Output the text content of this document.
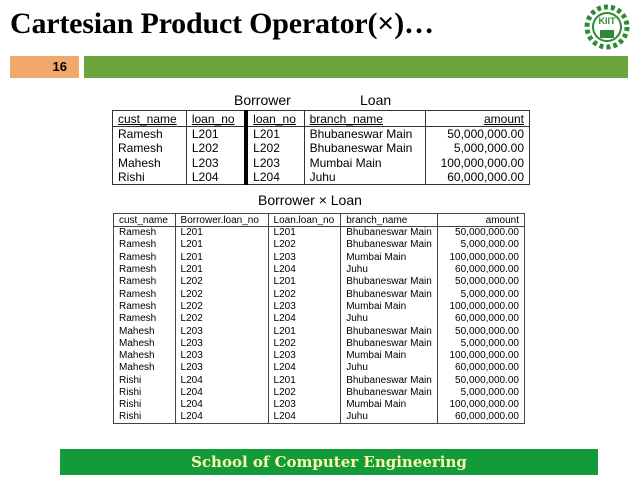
Cartesian Product Operator(×)…	KIIT
16
Borrower	Loan
cust_name	loan_no	loan_no	branch_name	amount
Ramesh	L201	L201	Bhubaneswar Main	50,000,000.00
Ramesh	L202	L202	Bhubaneswar Main	5,000,000.00
Mahesh	L203	L203	Mumbai Main	100,000,000.00
Rishi	L204	L204	Juhu	60,000,000.00
Borrower × Loan
cust_name	Borrower.loan_no	Loan.loan_no	branch_name	amount
Ramesh	L201	L201	Bhubaneswar Main	50,000,000.00
Ramesh	L201	L202	Bhubaneswar Main	5,000,000.00
Ramesh	L201	L203	Mumbai Main	100,000,000.00
Ramesh	L201	L204	Juhu	60,000,000.00
Ramesh	L202	L201	Bhubaneswar Main	50,000,000.00
Ramesh	L202	L202	Bhubaneswar Main	5,000,000.00
Ramesh	L202	L203	Mumbai Main	100,000,000.00
Ramesh	L202	L204	Juhu	60,000,000.00
Mahesh	L203	L201	Bhubaneswar Main	50,000,000.00
Mahesh	L203	L202	Bhubaneswar Main	5,000,000.00
Mahesh	L203	L203	Mumbai Main	100,000,000.00
Mahesh	L203	L204	Juhu	60,000,000.00
Rishi	L204	L201	Bhubaneswar Main	50,000,000.00
Rishi	L204	L202	Bhubaneswar Main	5,000,000.00
Rishi	L204	L203	Mumbai Main	100,000,000.00
Rishi	L204	L204	Juhu	60,000,000.00
School of Computer Engineering
